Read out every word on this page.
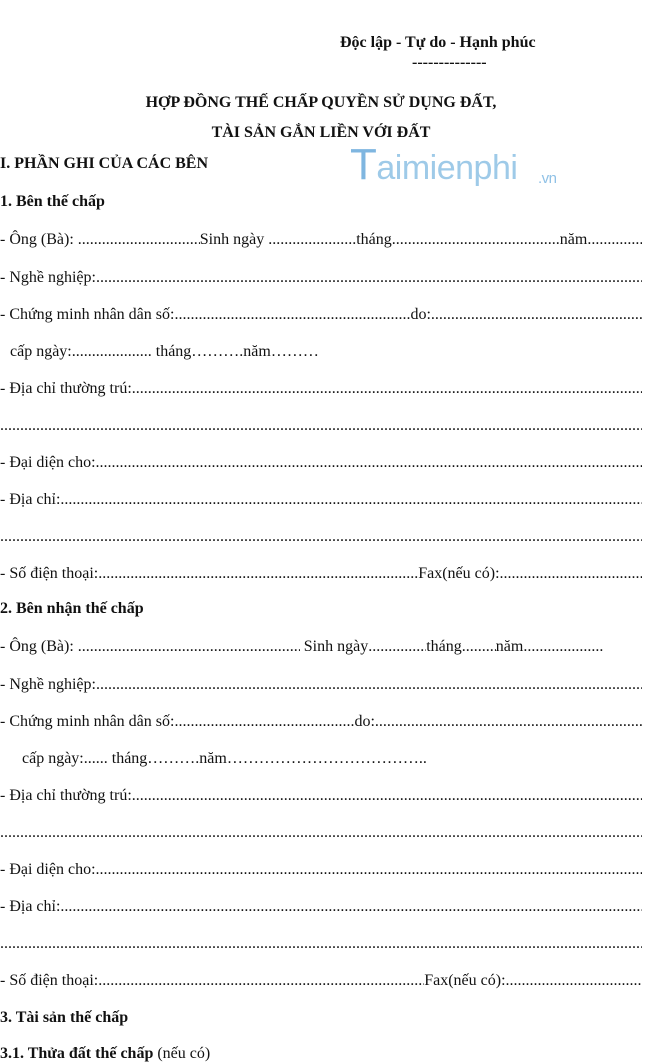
Taimienphi .vn
Độc lập - Tự do - Hạnh phúc
--------------
HỢP ĐỒNG THẾ CHẤP QUYỀN SỬ DỤNG ĐẤT,
TÀI SẢN GẮN LIỀN VỚI ĐẤT
I. PHẦN GHI CỦA CÁC BÊN
1. Bên thế chấp
- Ông (Bà): .....	Sinh ngày .....	tháng .....	năm.....
- Nghề nghiệp:
.....
- Chứng minh nhân dân số: .....	do:
.....
cấp ngày:.................... tháng……….năm………
- Địa chỉ thường trú:
.....
.....
- Đại diện cho:
.....
- Địa chỉ:
.....
.....
- Số điện thoại: .....	Fax(nếu có):
.....
2. Bên nhận thế chấp
- Ông (Bà): .....	Sinh ngày .....	tháng ..... năm.....
- Nghề nghiệp:
.....
- Chứng minh nhân dân số: .....	do:
.....
cấp ngày:...... tháng……….năm………………………………..
- Địa chỉ thường trú:
.....
.....
- Đại diện cho:
.....
- Địa chỉ:
.....
.....
- Số điện thoại: .....	Fax(nếu có):
.....
3. Tài sản thế chấp
3.1. Thửa đất thế chấp (nếu có)
